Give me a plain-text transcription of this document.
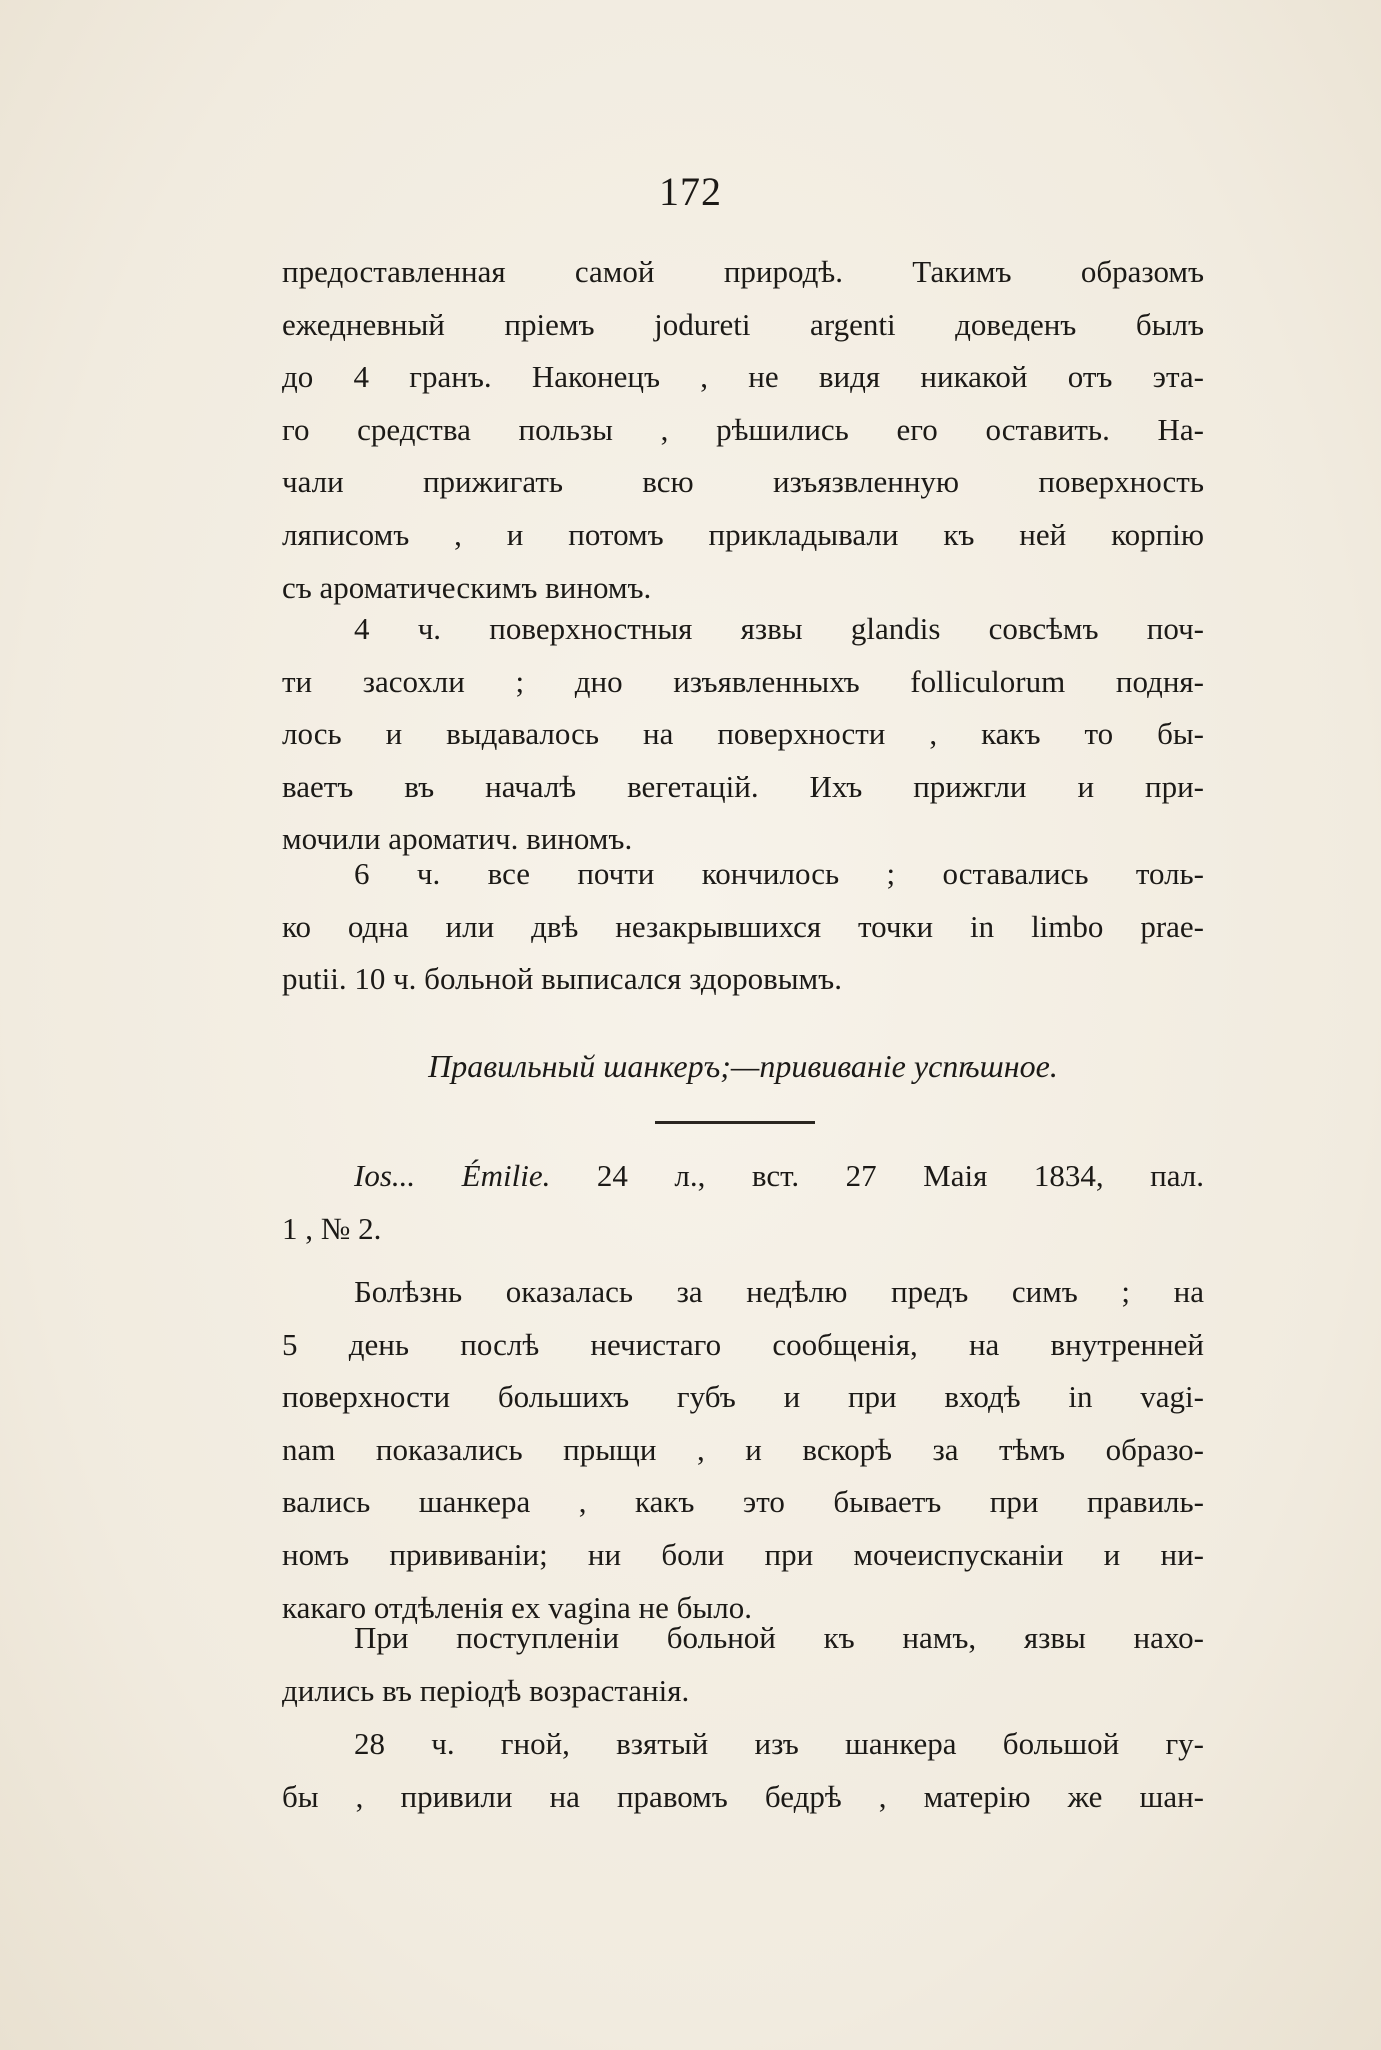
172
предоставленная самой природѣ. Такимъ образомъ
ежедневный пріемъ joduretі argentі доведенъ былъ
до 4 гранъ. Наконецъ , не видя никакой отъ эта-
го средства пользы , рѣшились его оставить. На-
чали прижигать всю изъязвленную поверхность
ляписомъ , и потомъ прикладывали къ ней корпію
съ ароматическимъ виномъ.
4 ч. поверхностныя язвы glandis совсѣмъ поч-
ти засохли ; дно изъявленныхъ folliculorum подня-
лось и выдавалось на поверхности , какъ то бы-
ваетъ въ началѣ вегетацій. Ихъ прижгли и при-
мочили ароматич. виномъ.
6 ч. все почти кончилось ; оставались толь-
ко одна или двѣ незакрывшихся точки in limbo prae-
putii. 10 ч. больной выписался здоровымъ.
Правильный шанкеръ;—прививаніе успѣшное.
Ios... Émilie. 24 л., вст. 27 Маія 1834, пал.
1 , № 2.
Болѣзнь оказалась за недѣлю предъ симъ ; на
5 день послѣ нечистаго сообщенія, на внутренней
поверхности большихъ губъ и при входѣ in vagi-
nam показались прыщи , и вскорѣ за тѣмъ образо-
вались шанкера , какъ это бываетъ при правиль-
номъ прививаніи; ни боли при мочеиспусканіи и ни-
какаго отдѣленія ex vagina не было.
При поступленіи больной къ намъ, язвы нахо-
дились въ періодѣ возрастанія.
28 ч. гной, взятый изъ шанкера большой гу-
бы , привили на правомъ бедрѣ , матерію же шан-
